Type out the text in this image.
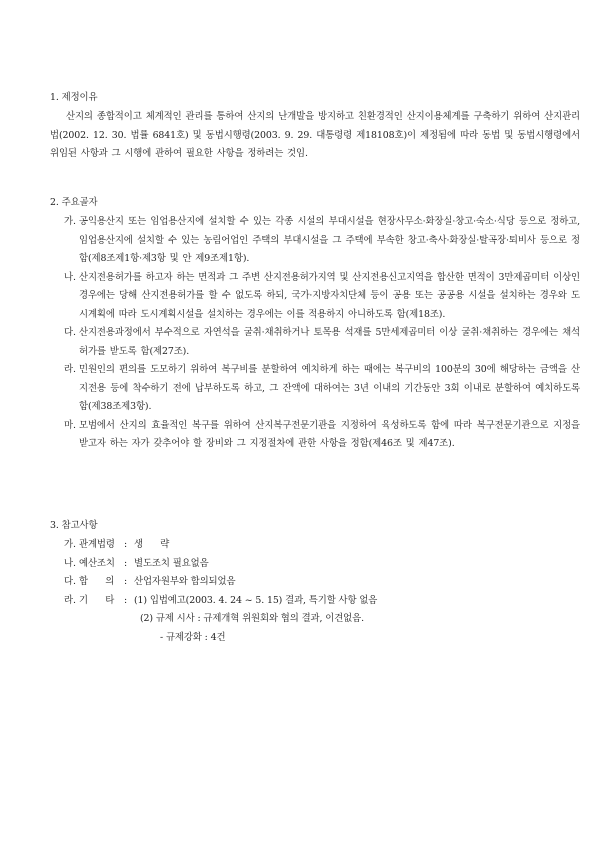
1. 제정이유
산지의 종합적이고 체계적인 관리를 통하여 산지의 난개발을 방지하고 친환경적인 산지이용체계를 구축하기 위하여 산지관리법(2002. 12. 30. 법률 6841호) 및 동법시행령(2003. 9. 29. 대통령령 제18108호)이 제정됨에 따라 동법 및 동법시행령에서 위임된 사항과 그 시행에 관하여 필요한 사항을 정하려는 것임.
2. 주요골자
가. 공익용산지 또는 임업용산지에 설치할 수 있는 각종 시설의 부대시설을 현장사무소·화장실·창고·숙소·식당 등으로 정하고, 임업용산지에 설치할 수 있는 농림어업인 주택의 부대시설을 그 주택에 부속한 창고·축사·화장실·탈곡장·퇴비사 등으로 정함(제8조제1항·제3항 및 안 제9조제1항).
나. 산지전용허가를 하고자 하는 면적과 그 주변 산지전용허가지역 및 산지전용신고지역을 합산한 면적이 3만제곱미터 이상인 경우에는 당해 산지전용허가를 할 수 없도록 하되, 국가·지방자치단체 등이 공용 또는 공공용 시설을 설치하는 경우와 도시계획에 따라 도시계획시설을 설치하는 경우에는 이를 적용하지 아니하도록 함(제18조).
다. 산지전용과정에서 부수적으로 자연석을 굴취·채취하거나 토목용 석재를 5만세제곱미터 이상 굴취·채취하는 경우에는 채석허가를 받도록 함(제27조).
라. 민원인의 편의를 도모하기 위하여 복구비를 분할하여 예치하게 하는 때에는 복구비의 100분의 30에 해당하는 금액을 산지전용 등에 착수하기 전에 납부하도록 하고, 그 잔액에 대하여는 3년 이내의 기간동안 3회 이내로 분할하여 예치하도록 함(제38조제3항).
마. 모범에서 산지의 효율적인 복구를 위하여 산지복구전문기관을 지정하여 육성하도록 함에 따라 복구전문기관으로 지정을 받고자 하는 자가 갖추어야 할 장비와 그 지정절차에 관한 사항을 정함(제46조 및 제47조).
3. 참고사항
가. 관계법령 : 생      략
나. 예산조치 : 별도조치 필요없음
다. 합      의 : 산업자원부와 합의되었음
라. 기      타 : (1) 입법예고(2003. 4. 24 ~ 5. 15) 결과, 특기할 사항 없음
(2) 규제 시사 : 규제개혁 위원회와 협의 결과, 이견없음.
- 규제강화 : 4건
